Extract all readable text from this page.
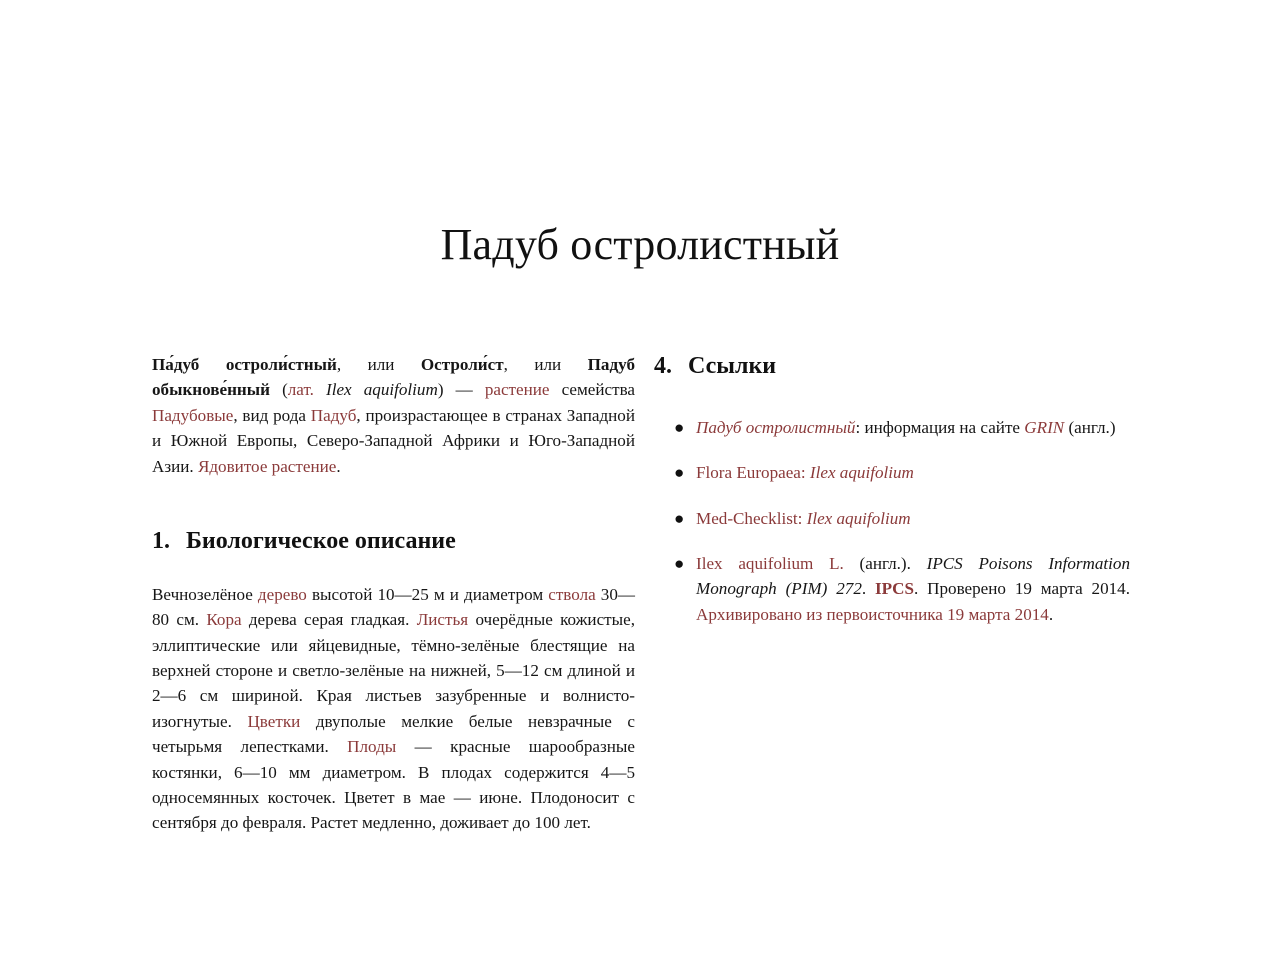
Падуб остролистный

Па́дуб остроли́стный, или Остроли́ст, или Падуб обыкнове́нный (лат. Ilex aquifolium) — растение семейства Падубовые, вид рода Падуб, произрастающее в странах Западной и Южной Европы, Северо-Западной Африки и Юго-Западной Азии. Ядовитое растение.

1. Биологическое описание

Вечнозелёное дерево высотой 10—25 м и диаметром ствола 30—80 см. Кора дерева серая гладкая. Листья очерёдные кожистые, эллиптические или яйцевидные, тёмно-зелёные блестящие на верхней стороне и светло-зелёные на нижней, 5—12 см длиной и 2—6 см шириной. Края листьев зазубренные и волнисто-изогнутые. Цветки двуполые мелкие белые невзрачные с четырьмя лепестками. Плоды — красные шарообразные костянки, 6—10 мм диаметром. В плодах содержится 4—5 односемянных косточек. Цветет в мае — июне. Плодоносит с сентября до февраля. Растет медленно, доживает до 100 лет.

4. Ссылки
● Падуб остролистный: информация на сайте GRIN (англ.)
● Flora Europaea: Ilex aquifolium
● Med-Checklist: Ilex aquifolium
● Ilex aquifolium L. (англ.). IPCS Poisons Information Monograph (PIM) 272. IPCS. Проверено 19 марта 2014. Архивировано из первоисточника 19 марта 2014.
